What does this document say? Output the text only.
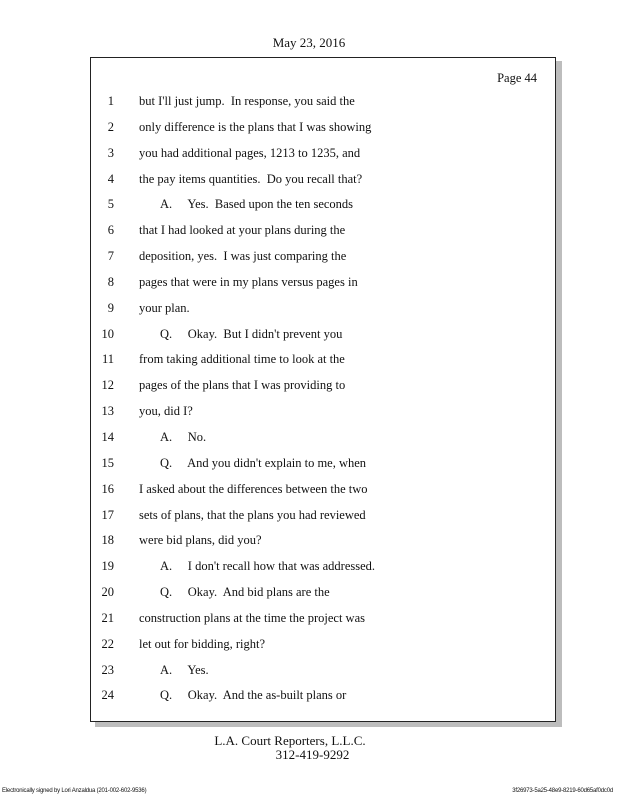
May 23, 2016
Page 44
1 but I'll just jump.  In response, you said the
2 only difference is the plans that I was showing
3 you had additional pages, 1213 to 1235, and
4 the pay items quantities.  Do you recall that?
5	A.     Yes.  Based upon the ten seconds
6 that I had looked at your plans during the
7 deposition, yes.  I was just comparing the
8 pages that were in my plans versus pages in
9 your plan.
10	Q.     Okay.  But I didn't prevent you
11 from taking additional time to look at the
12 pages of the plans that I was providing to
13 you, did I?
14	A.     No.
15	Q.     And you didn't explain to me, when
16 I asked about the differences between the two
17 sets of plans, that the plans you had reviewed
18 were bid plans, did you?
19	A.     I don't recall how that was addressed.
20	Q.     Okay.  And bid plans are the
21 construction plans at the time the project was
22 let out for bidding, right?
23	A.     Yes.
24	Q.     Okay.  And the as-built plans or
L.A. Court Reporters, L.L.C.
312-419-9292
Electronically signed by Lori Anzaldua (201-002-602-9536)	3f26973-5a25-48e9-8219-60d65af0dc0d
